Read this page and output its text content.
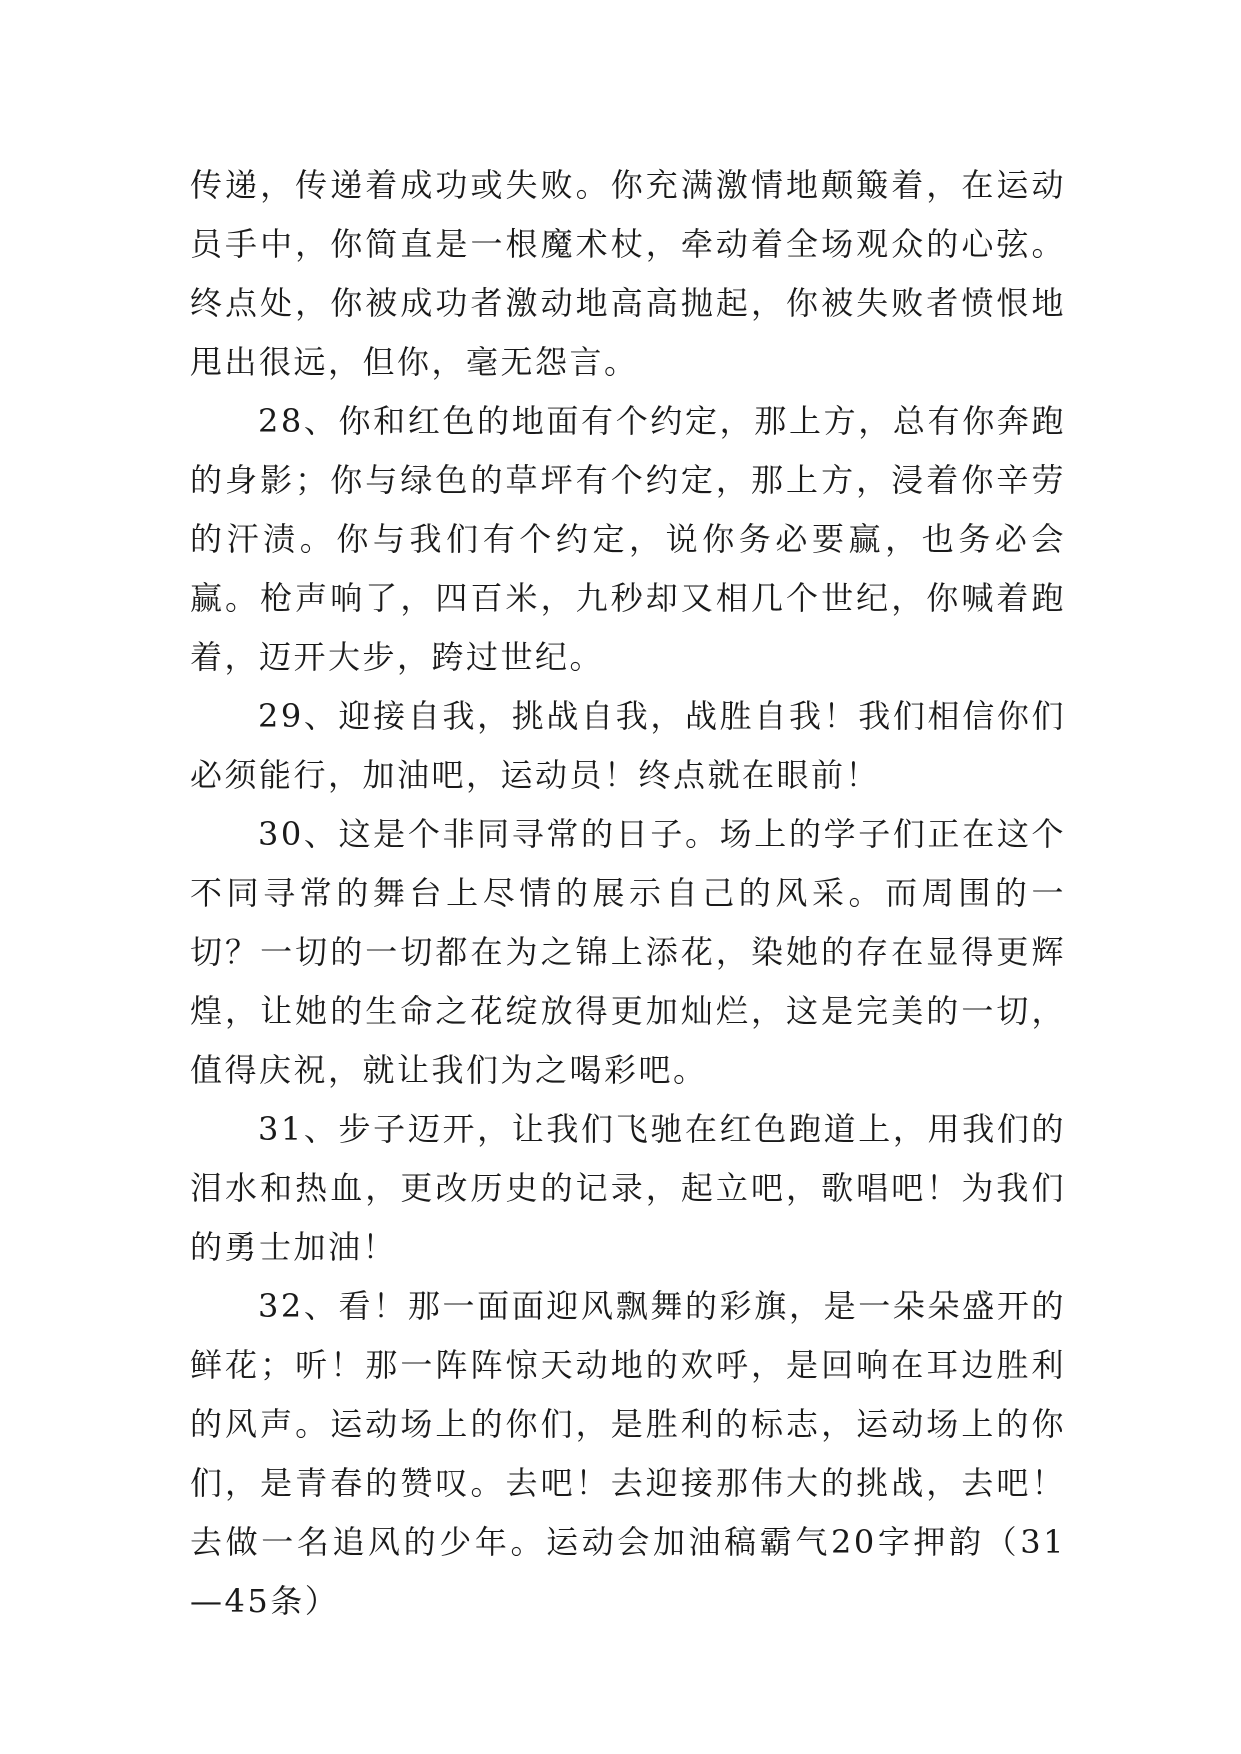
传递，传递着成功或失败。你充满激情地颠簸着，在运动员手中，你简直是一根魔术杖，牵动着全场观众的心弦。终点处，你被成功者激动地高高抛起，你被失败者愤恨地甩出很远，但你，毫无怨言。

28、你和红色的地面有个约定，那上方，总有你奔跑的身影；你与绿色的草坪有个约定，那上方，浸着你辛劳的汗渍。你与我们有个约定，说你务必要赢，也务必会赢。枪声响了，四百米，九秒却又相几个世纪，你喊着跑着，迈开大步，跨过世纪。

29、迎接自我，挑战自我，战胜自我！我们相信你们必须能行，加油吧，运动员！终点就在眼前！

30、这是个非同寻常的日子。场上的学子们正在这个不同寻常的舞台上尽情的展示自己的风采。而周围的一切？一切的一切都在为之锦上添花，染她的存在显得更辉煌，让她的生命之花绽放得更加灿烂，这是完美的一切，值得庆祝，就让我们为之喝彩吧。

31、步子迈开，让我们飞驰在红色跑道上，用我们的泪水和热血，更改历史的记录，起立吧，歌唱吧！为我们的勇士加油！

32、看！那一面面迎风飘舞的彩旗，是一朵朵盛开的鲜花；听！那一阵阵惊天动地的欢呼，是回响在耳边胜利的风声。运动场上的你们，是胜利的标志，运动场上的你们，是青春的赞叹。去吧！去迎接那伟大的挑战，去吧！去做一名追风的少年。运动会加油稿霸气20字押韵（31—45条）
